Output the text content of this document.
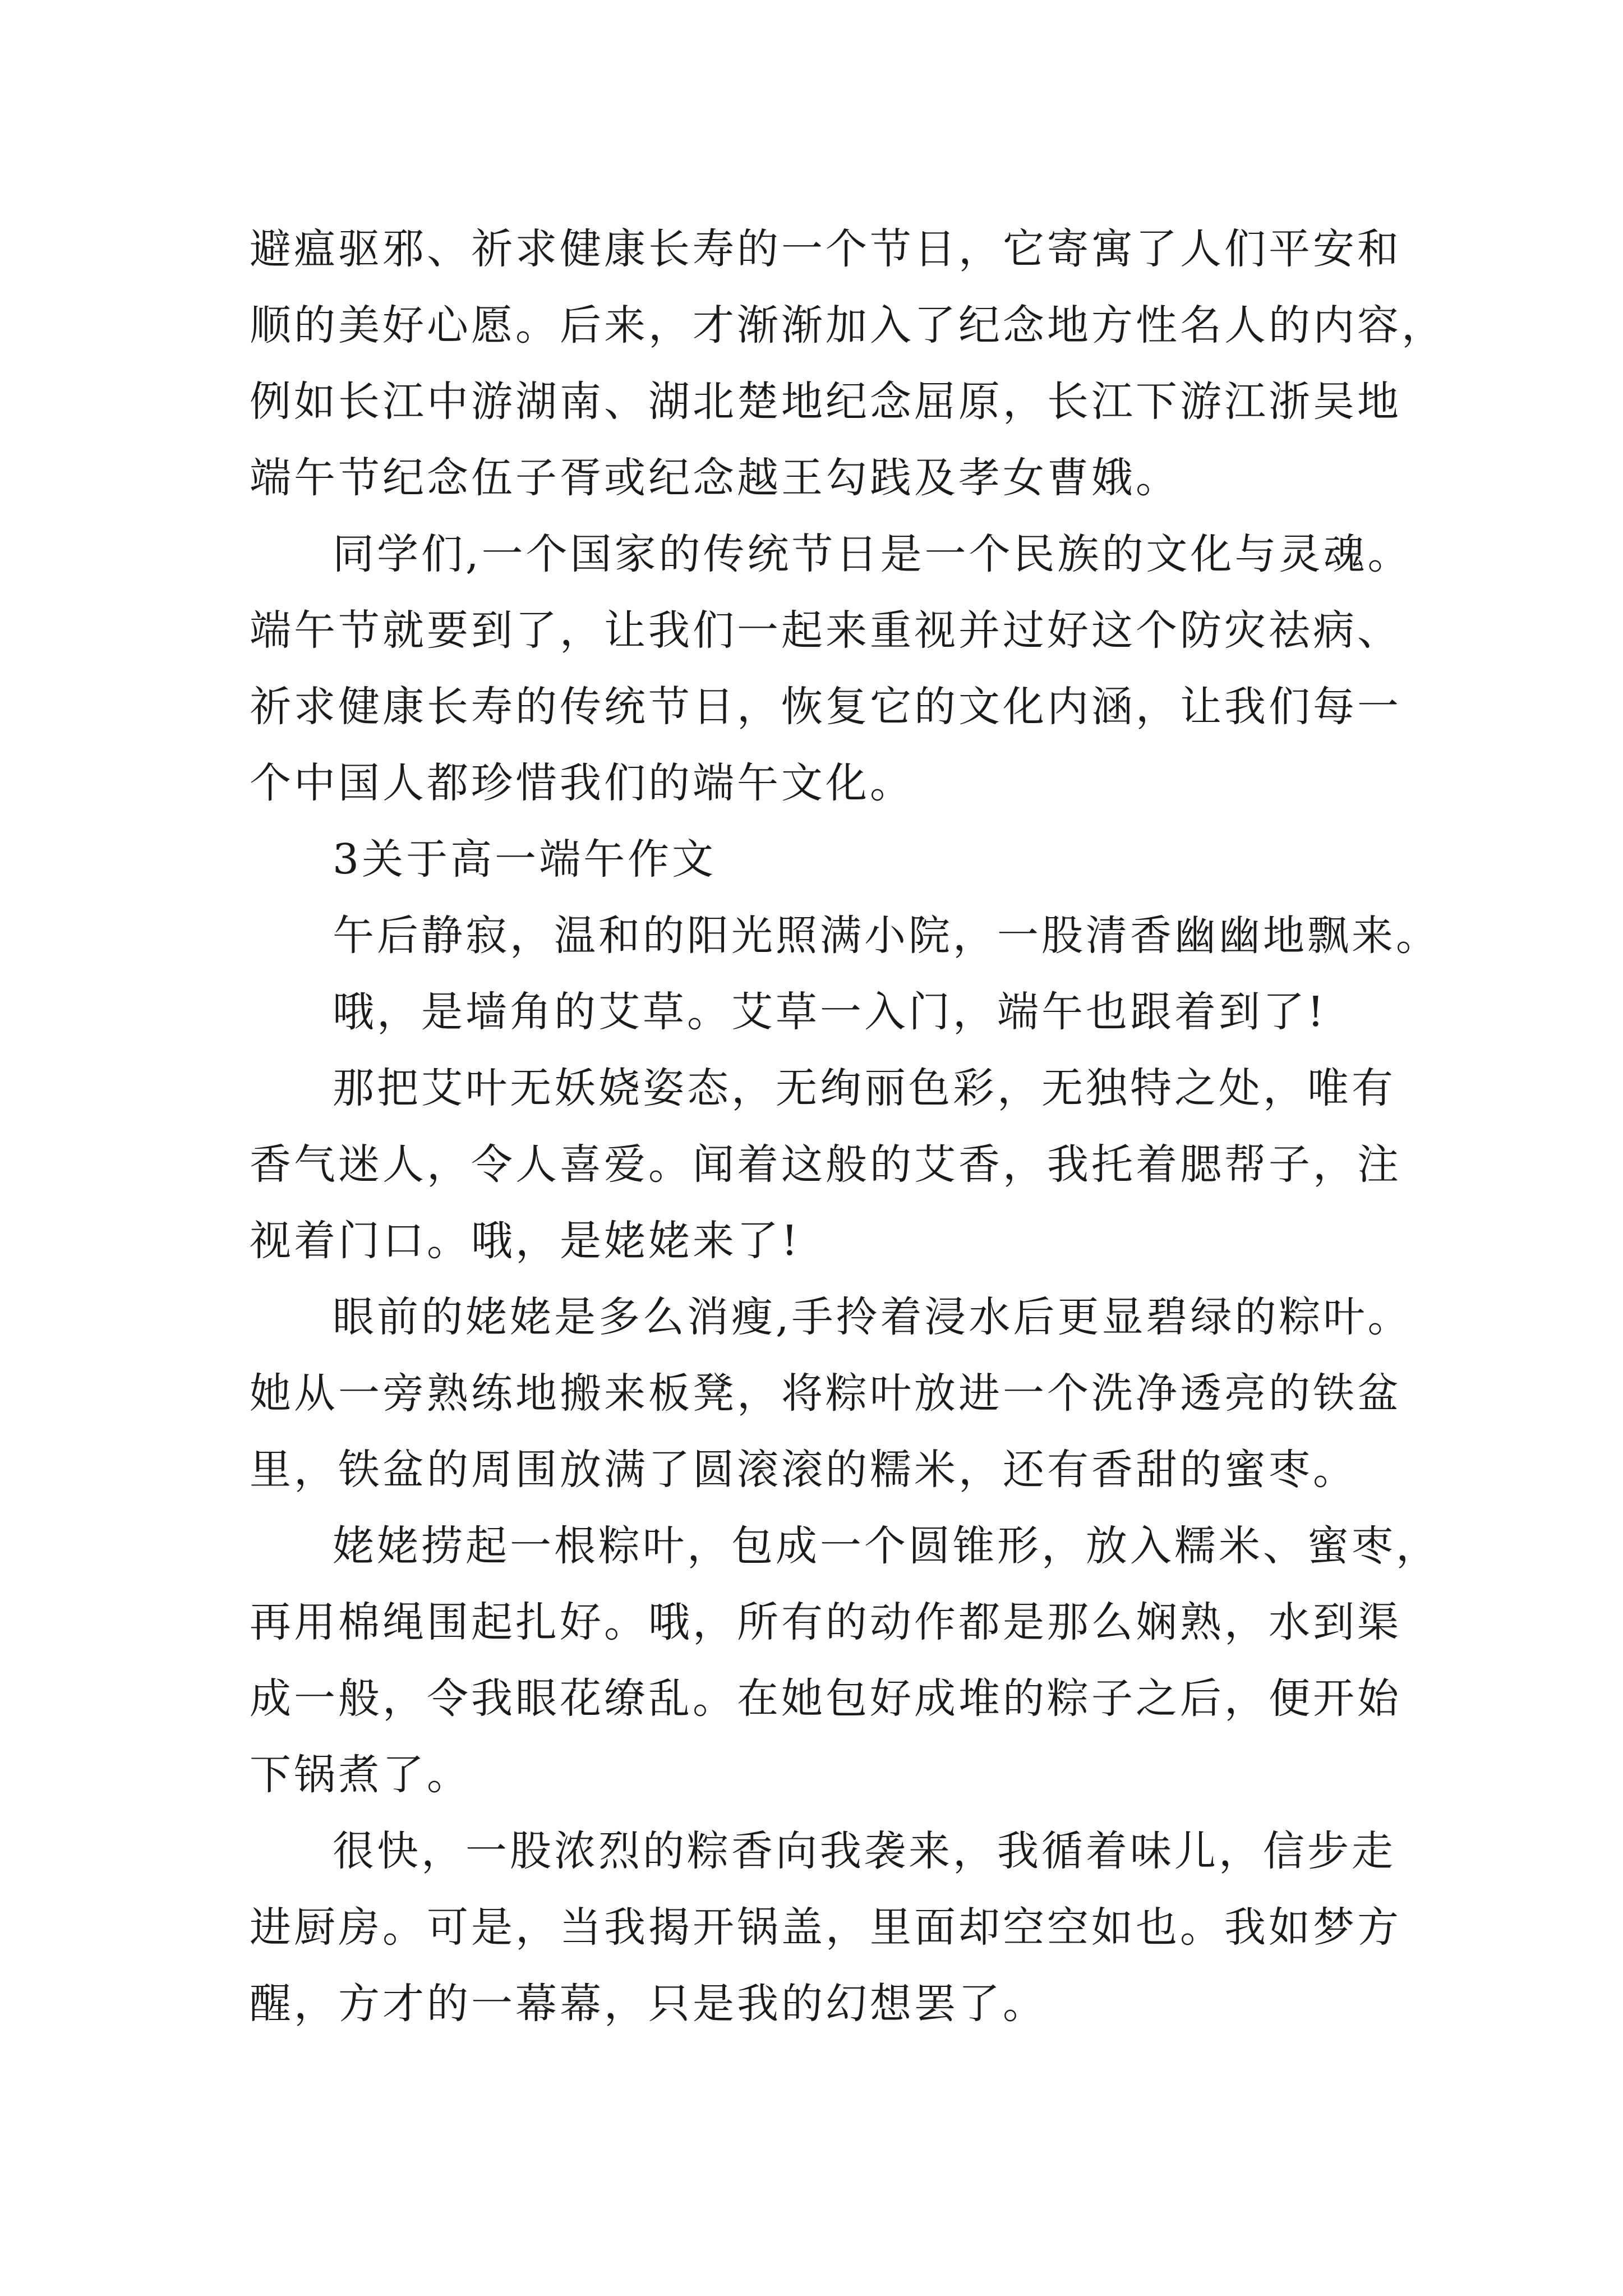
避瘟驱邪、祈求健康长寿的一个节日，它寄寓了人们平安和
顺的美好心愿。后来，才渐渐加入了纪念地方性名人的内容，
例如长江中游湖南、湖北楚地纪念屈原，长江下游江浙吴地
端午节纪念伍子胥或纪念越王勾践及孝女曹娥。
同学们,一个国家的传统节日是一个民族的文化与灵魂。
端午节就要到了，让我们一起来重视并过好这个防灾祛病、
祈求健康长寿的传统节日，恢复它的文化内涵，让我们每一
个中国人都珍惜我们的端午文化。
3关于高一端午作文
午后静寂，温和的阳光照满小院，一股清香幽幽地飘来。
哦，是墙角的艾草。艾草一入门，端午也跟着到了!
那把艾叶无妖娆姿态，无绚丽色彩，无独特之处，唯有
香气迷人，令人喜爱。闻着这般的艾香，我托着腮帮子，注
视着门口。哦，是姥姥来了!
眼前的姥姥是多么消瘦,手拎着浸水后更显碧绿的粽叶。
她从一旁熟练地搬来板凳，将粽叶放进一个洗净透亮的铁盆
里，铁盆的周围放满了圆滚滚的糯米，还有香甜的蜜枣。
姥姥捞起一根粽叶，包成一个圆锥形，放入糯米、蜜枣，
再用棉绳围起扎好。哦，所有的动作都是那么娴熟，水到渠
成一般，令我眼花缭乱。在她包好成堆的粽子之后，便开始
下锅煮了。
很快，一股浓烈的粽香向我袭来，我循着味儿，信步走
进厨房。可是，当我揭开锅盖，里面却空空如也。我如梦方
醒，方才的一幕幕，只是我的幻想罢了。
